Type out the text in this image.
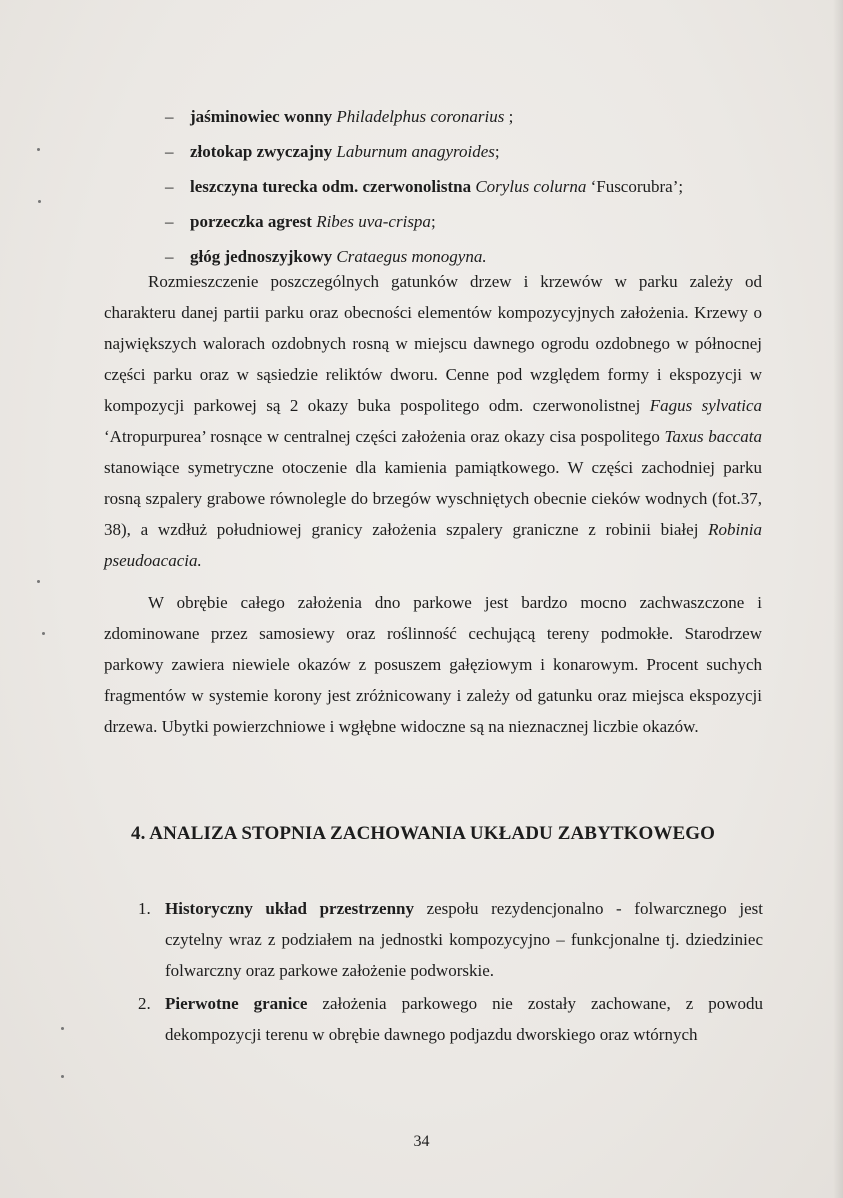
– jaśminowiec wonny Philadelphus coronarius ;
– złotokap zwyczajny Laburnum anagyroides;
– leszczyna turecka odm. czerwonolistna Corylus colurna ‘Fuscorubra’;
– porzeczka agrest Ribes uva-crispa;
– głóg jednoszyjkowy Crataegus monogyna.

Rozmieszczenie poszczególnych gatunków drzew i krzewów w parku zależy od charakteru danej partii parku oraz obecności elementów kompozycyjnych założenia. Krzewy o największych walorach ozdobnych rosną w miejscu dawnego ogrodu ozdobnego w północnej części parku oraz w sąsiedzie reliktów dworu. Cenne pod względem formy i ekspozycji w kompozycji parkowej są 2 okazy buka pospolitego odm. czerwonolistnej Fagus sylvatica ‘Atropurpurea’ rosnące w centralnej części założenia oraz okazy cisa pospolitego Taxus baccata stanowiące symetryczne otoczenie dla kamienia pamiątkowego. W części zachodniej parku rosną szpalery grabowe równolegle do brzegów wyschniętych obecnie cieków wodnych (fot.37, 38), a wzdłuż południowej granicy założenia szpalery graniczne z robinii białej Robinia pseudoacacia.

W obrębie całego założenia dno parkowe jest bardzo mocno zachwaszczone i zdominowane przez samosiewy oraz roślinność cechującą tereny podmokłe. Starodrzew parkowy zawiera niewiele okazów z posuszem gałęziowym i konarowym. Procent suchych fragmentów w systemie korony jest zróżnicowany i zależy od gatunku oraz miejsca ekspozycji drzewa. Ubytki powierzchniowe i wgłębne widoczne są na nieznacznej liczbie okazów.

4. ANALIZA STOPNIA ZACHOWANIA UKŁADU ZABYTKOWEGO
1. Historyczny układ przestrzenny zespołu rezydencjonalno - folwarcznego jest czytelny wraz z podziałem na jednostki kompozycyjno – funkcjonalne tj. dziedziniec folwarczny oraz parkowe założenie podworskie.
2. Pierwotne granice założenia parkowego nie zostały zachowane, z powodu dekompozycji terenu w obrębie dawnego podjazdu dworskiego oraz wtórnych

34
